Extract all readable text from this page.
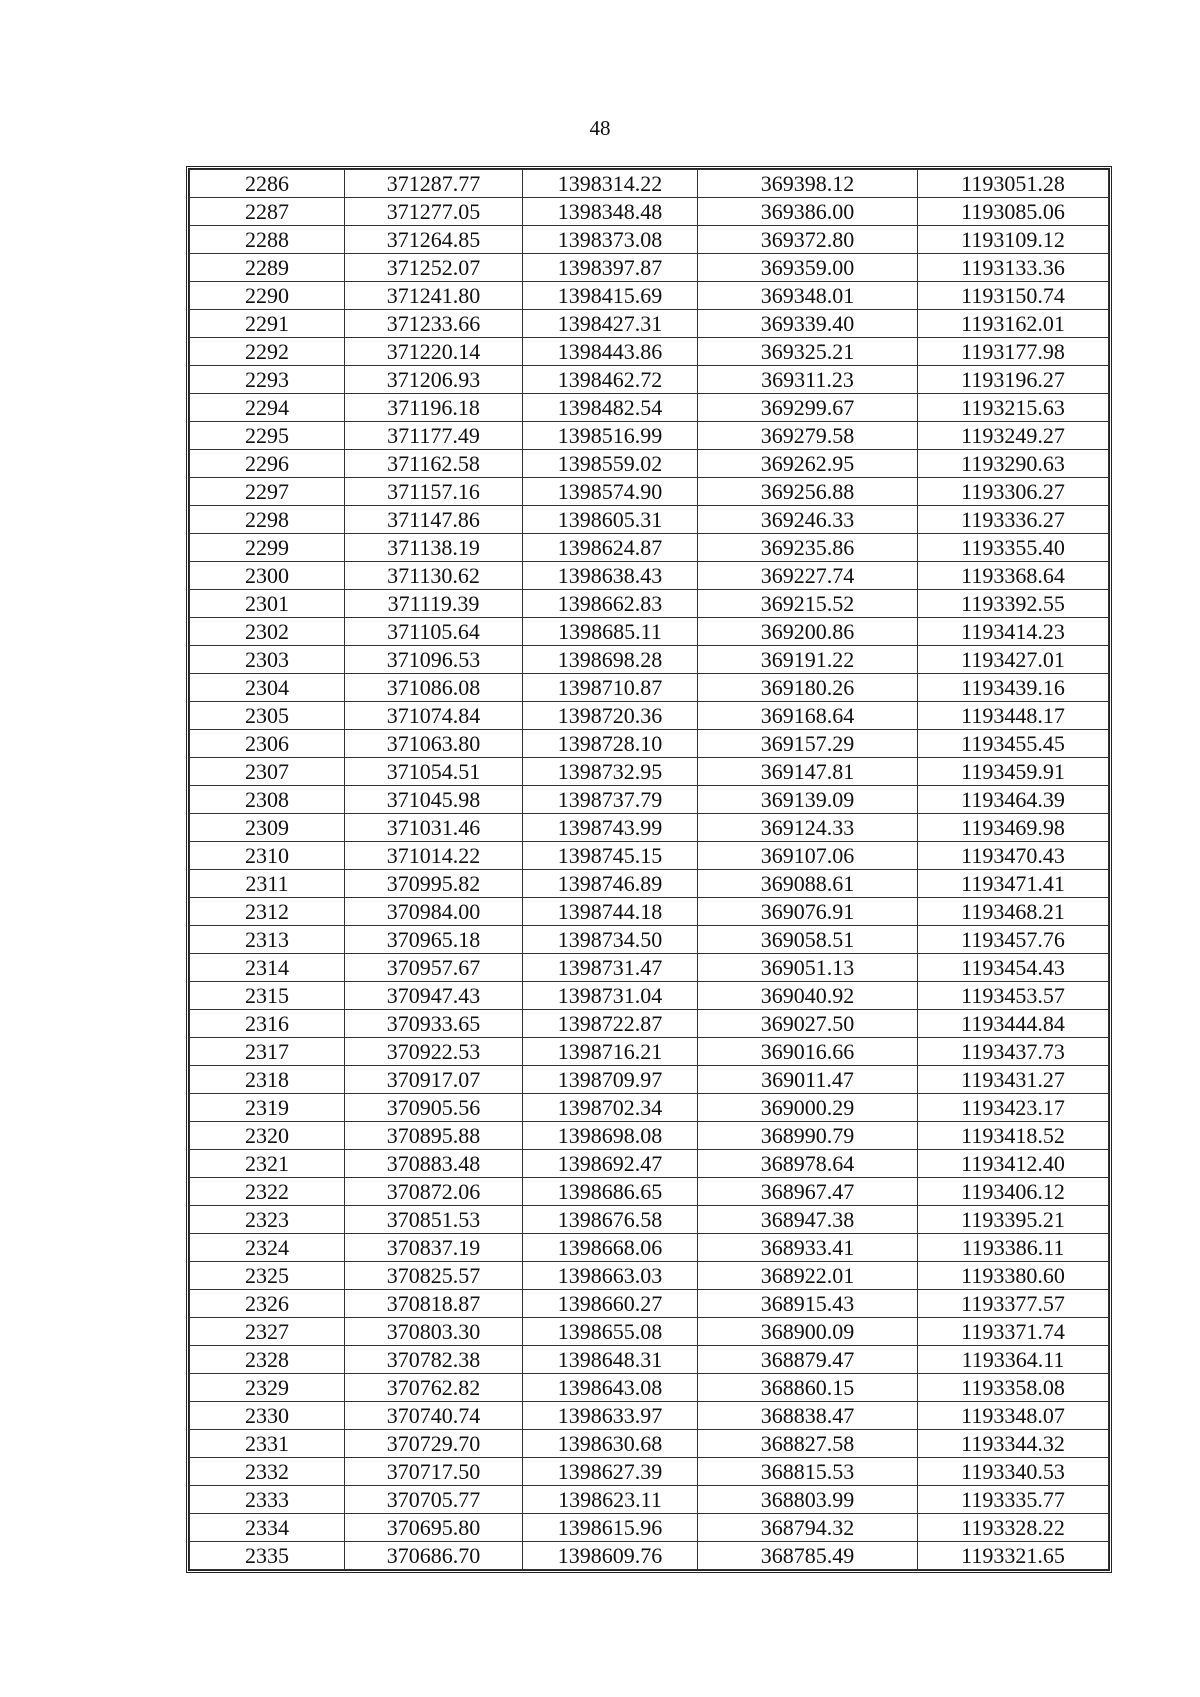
48
2286	371287.77	1398314.22	369398.12	1193051.28
2287	371277.05	1398348.48	369386.00	1193085.06
2288	371264.85	1398373.08	369372.80	1193109.12
2289	371252.07	1398397.87	369359.00	1193133.36
2290	371241.80	1398415.69	369348.01	1193150.74
2291	371233.66	1398427.31	369339.40	1193162.01
2292	371220.14	1398443.86	369325.21	1193177.98
2293	371206.93	1398462.72	369311.23	1193196.27
2294	371196.18	1398482.54	369299.67	1193215.63
2295	371177.49	1398516.99	369279.58	1193249.27
2296	371162.58	1398559.02	369262.95	1193290.63
2297	371157.16	1398574.90	369256.88	1193306.27
2298	371147.86	1398605.31	369246.33	1193336.27
2299	371138.19	1398624.87	369235.86	1193355.40
2300	371130.62	1398638.43	369227.74	1193368.64
2301	371119.39	1398662.83	369215.52	1193392.55
2302	371105.64	1398685.11	369200.86	1193414.23
2303	371096.53	1398698.28	369191.22	1193427.01
2304	371086.08	1398710.87	369180.26	1193439.16
2305	371074.84	1398720.36	369168.64	1193448.17
2306	371063.80	1398728.10	369157.29	1193455.45
2307	371054.51	1398732.95	369147.81	1193459.91
2308	371045.98	1398737.79	369139.09	1193464.39
2309	371031.46	1398743.99	369124.33	1193469.98
2310	371014.22	1398745.15	369107.06	1193470.43
2311	370995.82	1398746.89	369088.61	1193471.41
2312	370984.00	1398744.18	369076.91	1193468.21
2313	370965.18	1398734.50	369058.51	1193457.76
2314	370957.67	1398731.47	369051.13	1193454.43
2315	370947.43	1398731.04	369040.92	1193453.57
2316	370933.65	1398722.87	369027.50	1193444.84
2317	370922.53	1398716.21	369016.66	1193437.73
2318	370917.07	1398709.97	369011.47	1193431.27
2319	370905.56	1398702.34	369000.29	1193423.17
2320	370895.88	1398698.08	368990.79	1193418.52
2321	370883.48	1398692.47	368978.64	1193412.40
2322	370872.06	1398686.65	368967.47	1193406.12
2323	370851.53	1398676.58	368947.38	1193395.21
2324	370837.19	1398668.06	368933.41	1193386.11
2325	370825.57	1398663.03	368922.01	1193380.60
2326	370818.87	1398660.27	368915.43	1193377.57
2327	370803.30	1398655.08	368900.09	1193371.74
2328	370782.38	1398648.31	368879.47	1193364.11
2329	370762.82	1398643.08	368860.15	1193358.08
2330	370740.74	1398633.97	368838.47	1193348.07
2331	370729.70	1398630.68	368827.58	1193344.32
2332	370717.50	1398627.39	368815.53	1193340.53
2333	370705.77	1398623.11	368803.99	1193335.77
2334	370695.80	1398615.96	368794.32	1193328.22
2335	370686.70	1398609.76	368785.49	1193321.65
